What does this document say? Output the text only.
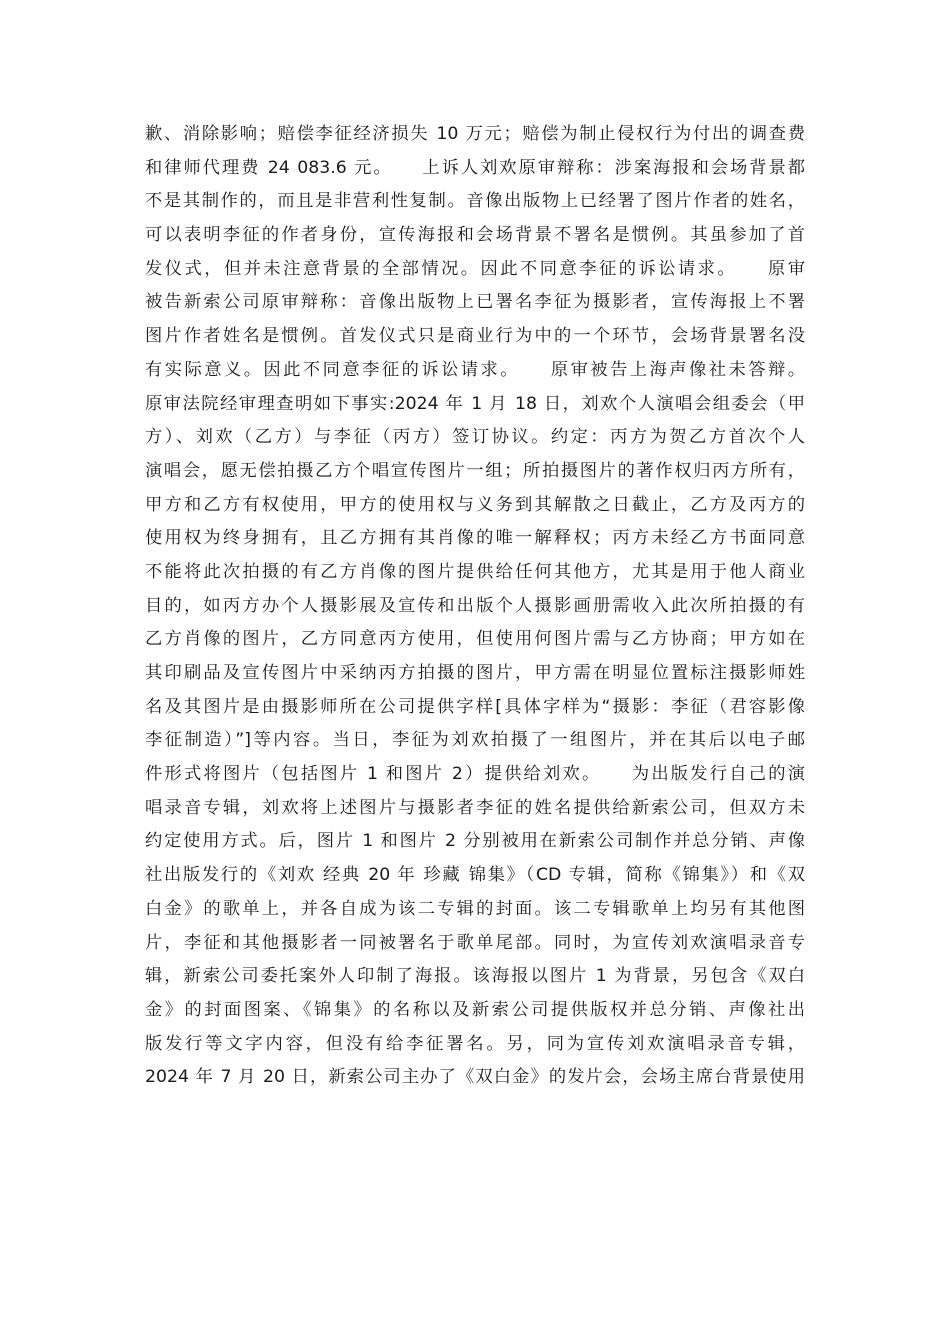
歉、消除影响；赔偿李征经济损失 10 万元；赔偿为制止侵权行为付出的调查费
和律师代理费 24 083.6 元。　　上诉人刘欢原审辩称：涉案海报和会场背景都
不是其制作的，而且是非营利性复制。音像出版物上已经署了图片作者的姓名，
可以表明李征的作者身份，宣传海报和会场背景不署名是惯例。其虽参加了首
发仪式，但并未注意背景的全部情况。因此不同意李征的诉讼请求。　　原审
被告新索公司原审辩称：音像出版物上已署名李征为摄影者，宣传海报上不署
图片作者姓名是惯例。首发仪式只是商业行为中的一个环节，会场背景署名没
有实际意义。因此不同意李征的诉讼请求。　　原审被告上海声像社未答辩。
原审法院经审理查明如下事实:2024 年 1 月 18 日，刘欢个人演唱会组委会（甲
方）、刘欢（乙方）与李征（丙方）签订协议。约定：丙方为贺乙方首次个人
演唱会，愿无偿拍摄乙方个唱宣传图片一组；所拍摄图片的著作权归丙方所有，
甲方和乙方有权使用，甲方的使用权与义务到其解散之日截止，乙方及丙方的
使用权为终身拥有，且乙方拥有其肖像的唯一解释权；丙方未经乙方书面同意
不能将此次拍摄的有乙方肖像的图片提供给任何其他方，尤其是用于他人商业
目的，如丙方办个人摄影展及宣传和出版个人摄影画册需收入此次所拍摄的有
乙方肖像的图片，乙方同意丙方使用，但使用何图片需与乙方协商；甲方如在
其印刷品及宣传图片中采纳丙方拍摄的图片，甲方需在明显位置标注摄影师姓
名及其图片是由摄影师所在公司提供字样[具体字样为“摄影：李征（君容影像
李征制造）”]等内容。当日，李征为刘欢拍摄了一组图片，并在其后以电子邮
件形式将图片（包括图片 1 和图片 2）提供给刘欢。　　为出版发行自己的演
唱录音专辑，刘欢将上述图片与摄影者李征的姓名提供给新索公司，但双方未
约定使用方式。后，图片 1 和图片 2 分别被用在新索公司制作并总分销、声像
社出版发行的《刘欢 经典 20 年 珍藏 锦集》（CD 专辑，简称《锦集》）和《双
白金》的歌单上，并各自成为该二专辑的封面。该二专辑歌单上均另有其他图
片，李征和其他摄影者一同被署名于歌单尾部。同时，为宣传刘欢演唱录音专
辑，新索公司委托案外人印制了海报。该海报以图片 1 为背景，另包含《双白
金》的封面图案、《锦集》的名称以及新索公司提供版权并总分销、声像社出
版发行等文字内容，但没有给李征署名。另，同为宣传刘欢演唱录音专辑，
2024 年 7 月 20 日，新索公司主办了《双白金》的发片会，会场主席台背景使用
